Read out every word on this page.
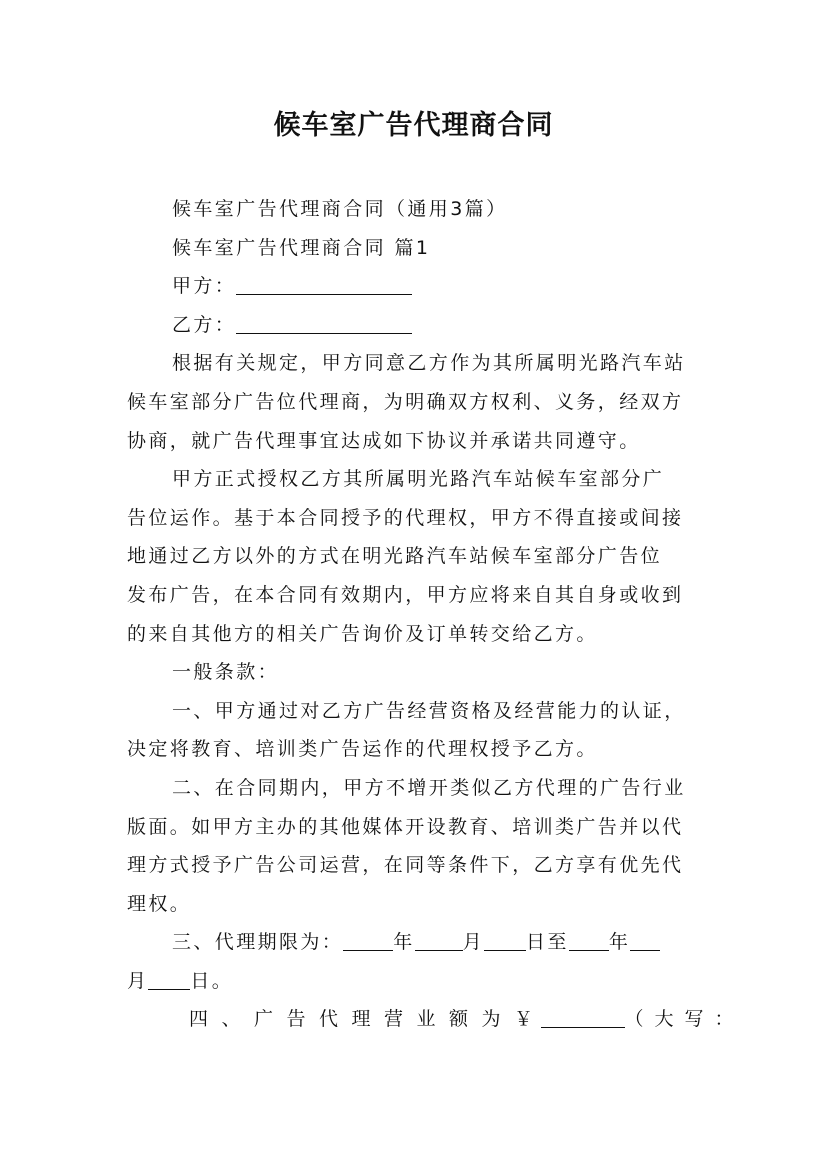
候车室广告代理商合同
候车室广告代理商合同（通用3篇）
候车室广告代理商合同 篇1
甲方：
乙方：
根据有关规定，甲方同意乙方作为其所属明光路汽车站
候车室部分广告位代理商，为明确双方权利、义务，经双方
协商，就广告代理事宜达成如下协议并承诺共同遵守。
甲方正式授权乙方其所属明光路汽车站候车室部分广
告位运作。基于本合同授予的代理权，甲方不得直接或间接
地通过乙方以外的方式在明光路汽车站候车室部分广告位
发布广告，在本合同有效期内，甲方应将来自其自身或收到
的来自其他方的相关广告询价及订单转交给乙方。
一般条款：
一、甲方通过对乙方广告经营资格及经营能力的认证，
决定将教育、培训类广告运作的代理权授予乙方。
二、在合同期内，甲方不增开类似乙方代理的广告行业
版面。如甲方主办的其他媒体开设教育、培训类广告并以代
理方式授予广告公司运营，在同等条件下，乙方享有优先代
理权。
三、代理期限为：	年	月 日至 年
月 日。
四、广告代理营业额为￥	（大写：
